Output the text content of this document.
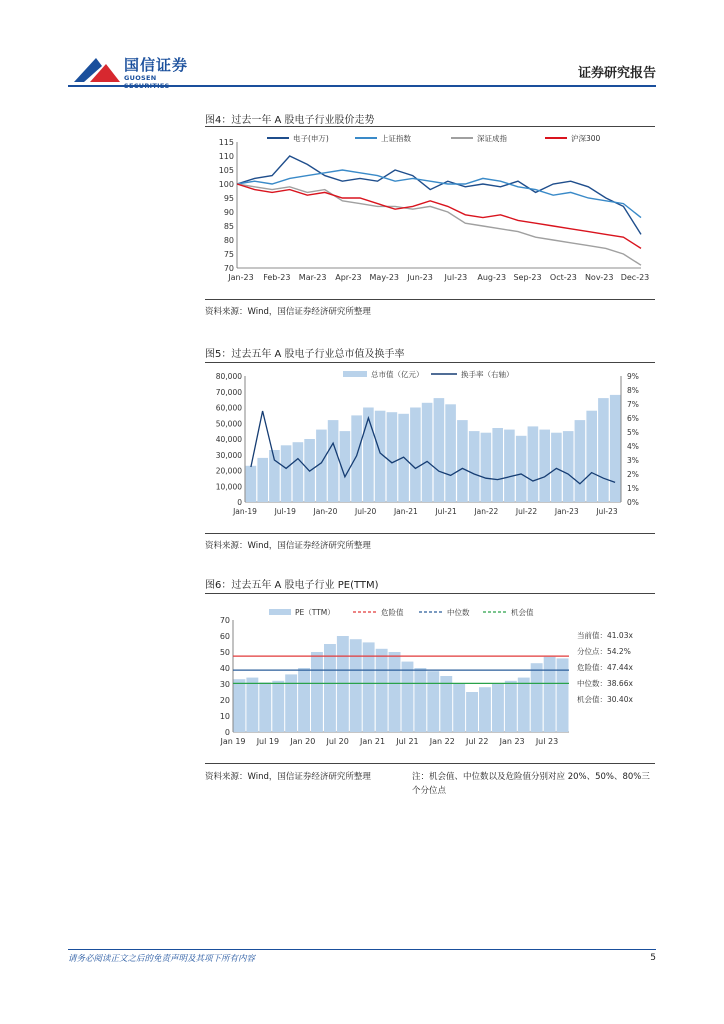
国信证券
GUOSEN	证券研究报告
图4：过去一年 A 股电子行业股价走势
70
75
80
85
90
95
100
105
110
115
Jan-23 Feb-23 Mar-23 Apr-23 May-23 Jun-23 Jul-23 Aug-23 Sep-23 Oct-23 Nov-23 Dec-23
电子(申万)	上证指数	深证成指	沪深300
资料来源：Wind，国信证券经济研究所整理
图5：过去五年 A 股电子行业总市值及换手率
0
10,000
20,000
30,000
40,000
50,000
60,000
70,000
80,000
0%
1%
2%
3%
4%
5%
6%
7%
8%
9%
Jan-19 Jul-19 Jan-20 Jul-20 Jan-21 Jul-21 Jan-22 Jul-22 Jan-23 Jul-23
总市值（亿元）	换手率（右轴）
资料来源：Wind，国信证券经济研究所整理
图6：过去五年 A 股电子行业 PE(TTM)
0
10
20
30
40
50
60
70
Jan 19 Jul 19 Jan 20 Jul 20 Jan 21 Jul 21 Jan 22 Jul 22 Jan 23 Jul 23
PE（TTM）	危险值	中位数	机会值
当前值：41.03x
分位点：54.2%
危险值：47.44x
中位数：38.66x
机会值：30.40x
资料来源：Wind，国信证券经济研究所整理	注：机会值、中位数以及危险值分别对应 20%、50%、80%三个分位点
请务必阅读正文之后的免责声明及其项下所有内容	5
